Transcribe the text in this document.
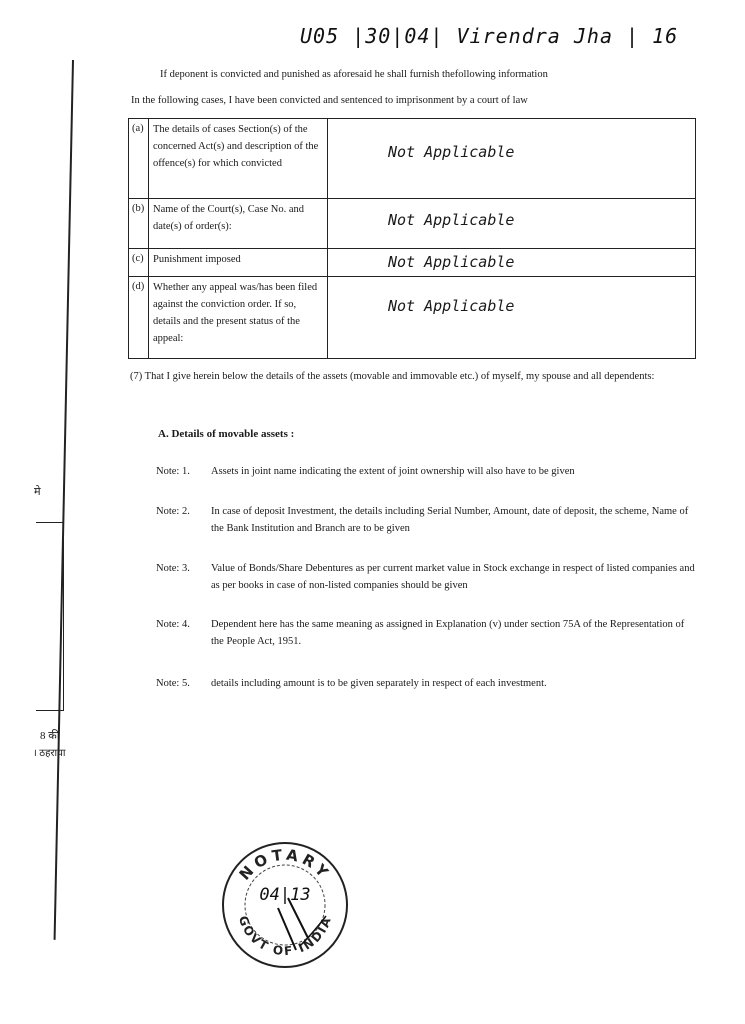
मे
8 की
। ठहराया
U05 |30|04| Virendra Jha | 16
If deponent is convicted and punished as aforesaid he shall furnish thefollowing information
In the following cases, I have been convicted and sentenced to imprisonment by a court of law
(a)	The details of cases Section(s) of the concerned Act(s) and description of the offence(s) for which convicted	Not Applicable

(b)	Name of the Court(s), Case No. and date(s) of order(s):	Not Applicable

(c)	Punishment imposed	Not Applicable

(d)	Whether any appeal was/has been filed against the conviction order. If so, details and the present status of the appeal:	Not Applicable
(7) That I give herein below the details of the assets (movable and immovable etc.) of myself, my spouse and all dependents:
A. Details of movable assets :
Note: 1.	Assets in joint name indicating the extent of joint ownership will also have to be given
Note: 2.	In case of deposit Investment, the details including Serial Number, Amount, date of deposit, the scheme, Name of the Bank Institution and Branch are to be given
Note: 3.	Value of Bonds/Share Debentures as per current market value in Stock exchange in respect of listed companies and as per books in case of non-listed companies should be given
Note: 4.	Dependent here has the same meaning as assigned in Explanation (v) under section 75A of the Representation of the People Act, 1951.
Note: 5.	details including amount is to be given separately in respect of each investment.
NOTARY
GOVT OF INDIA
04|13
